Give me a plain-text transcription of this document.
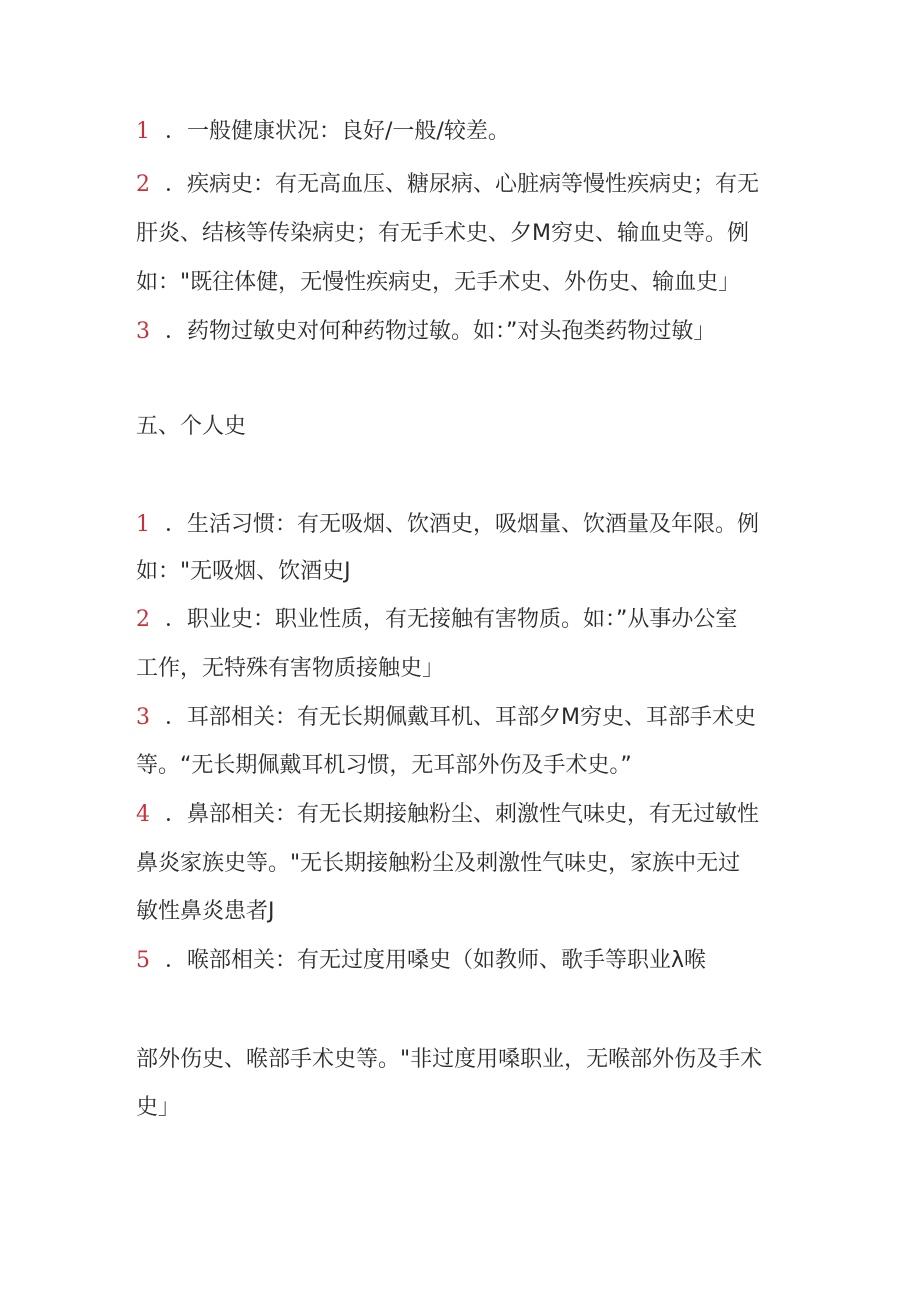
1 ．一般健康状况：良好/一般/较差。
2 ．疾病史：有无高血压、糖尿病、心脏病等慢性疾病史；有无
肝炎、结核等传染病史；有无手术史、夕M穷史、输血史等。例
如："既往体健，无慢性疾病史，无手术史、外伤史、输血史」
3 ．药物过敏史对何种药物过敏。如：”对头孢类药物过敏」
五、个人史
1 ．生活习惯：有无吸烟、饮酒史，吸烟量、饮酒量及年限。例
如："无吸烟、饮酒史J
2 ．职业史：职业性质，有无接触有害物质。如：”从事办公室
工作，无特殊有害物质接触史」
3 ．耳部相关：有无长期佩戴耳机、耳部夕M穷史、耳部手术史
等。“无长期佩戴耳机习惯，无耳部外伤及手术史。”
4 ．鼻部相关：有无长期接触粉尘、刺激性气味史，有无过敏性
鼻炎家族史等。"无长期接触粉尘及刺激性气味史，家族中无过
敏性鼻炎患者J
5 ．喉部相关：有无过度用嗓史（如教师、歌手等职业λ喉
部外伤史、喉部手术史等。"非过度用嗓职业，无喉部外伤及手术
史」
